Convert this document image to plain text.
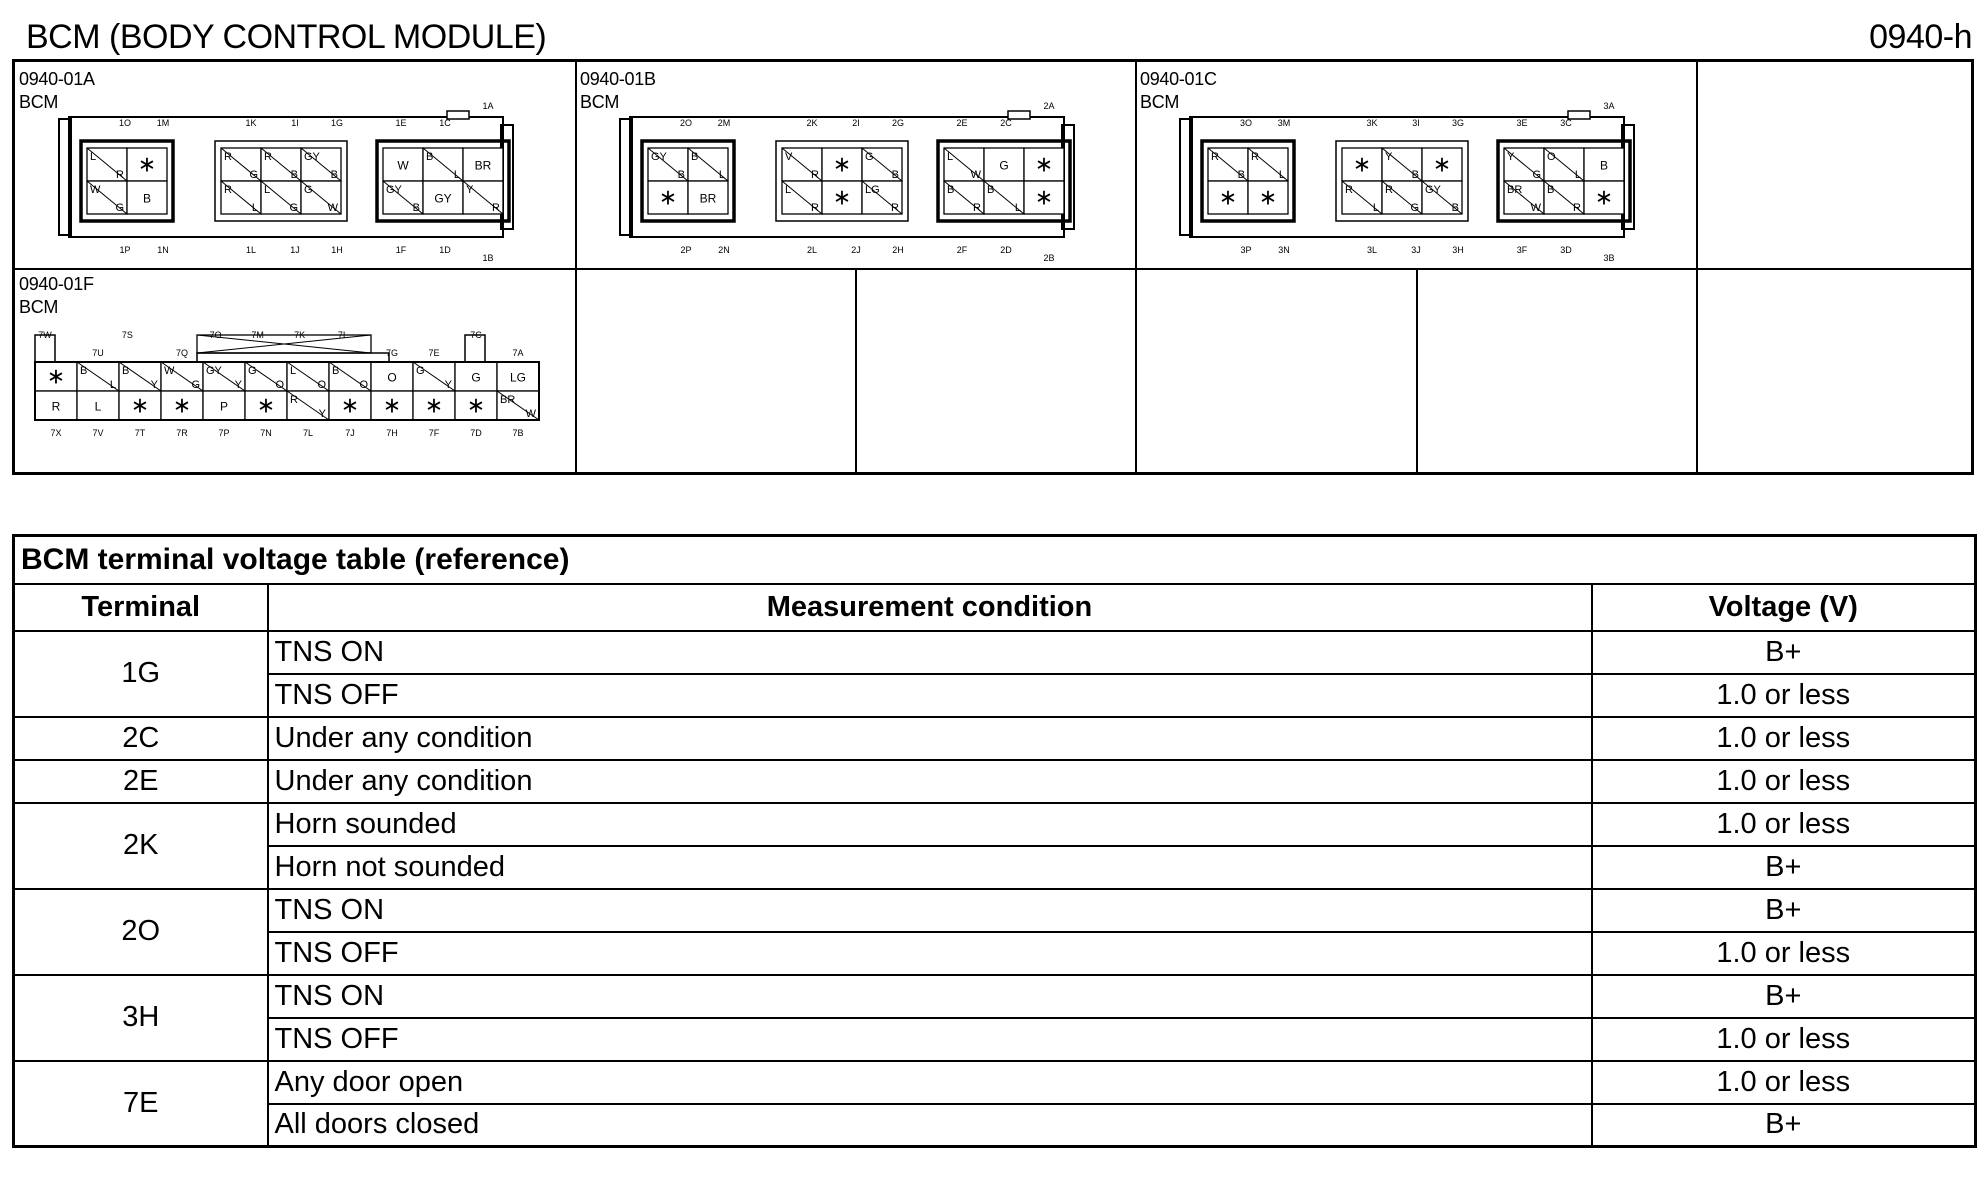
BCM (BODY CONTROL MODULE)	0940-h
0940-01A
BCM
0940-01B
BCM
0940-01C
BCM
0940-01F
BCM
L
R ∗
W
G
B
R
G
R
B
GY
B
R
L
L
G
G
W
W
B
L
BR
GY
B
GY
Y
R
1O	1M	1K	1I	1G	1E	1C
1A
1P	1N	1L	1J	1H	1F	1D
1B
GY
B
B
L
∗ BR
V
R ∗ G
B
L
R ∗ LG
R
L
W
G ∗
B
R
B
L ∗
2O	2M	2K	2I	2G	2E	2C
2A
2P	2N	2L	2J	2H	2F	2D
2B
R
B
R
L
∗ ∗
∗ Y
B ∗
R
L
R
G
GY
B
Y
G
O
L
B
BR
W
B
R ∗
3O	3M	3K	3I	3G	3E	3C
3A
3P	3N	3L	3J	3H	3F	3D
3B
∗
R
B
L
L
B
Y
∗
W
G
∗
GY
Y
P
G
O
∗
L
O
R
Y
B
O
∗
O
∗
G
Y
∗
G
∗
LG
BR
W
7W
7U
7S
7Q
7O	7M	7K	7I
7G	7E
7C
7A
7X	7V	7T	7R	7P	7N	7L	7J	7H	7F	7D	7B
BCM terminal voltage table (reference)		
Terminal	Measurement condition	Voltage (V)
1G	TNS ON	B+
	TNS OFF	1.0 or less
2C	Under any condition	1.0 or less
2E	Under any condition	1.0 or less
2K	Horn sounded	1.0 or less
	Horn not sounded	B+
2O	TNS ON	B+
	TNS OFF	1.0 or less
3H	TNS ON	B+
	TNS OFF	1.0 or less
7E	Any door open	1.0 or less
	All doors closed	B+
